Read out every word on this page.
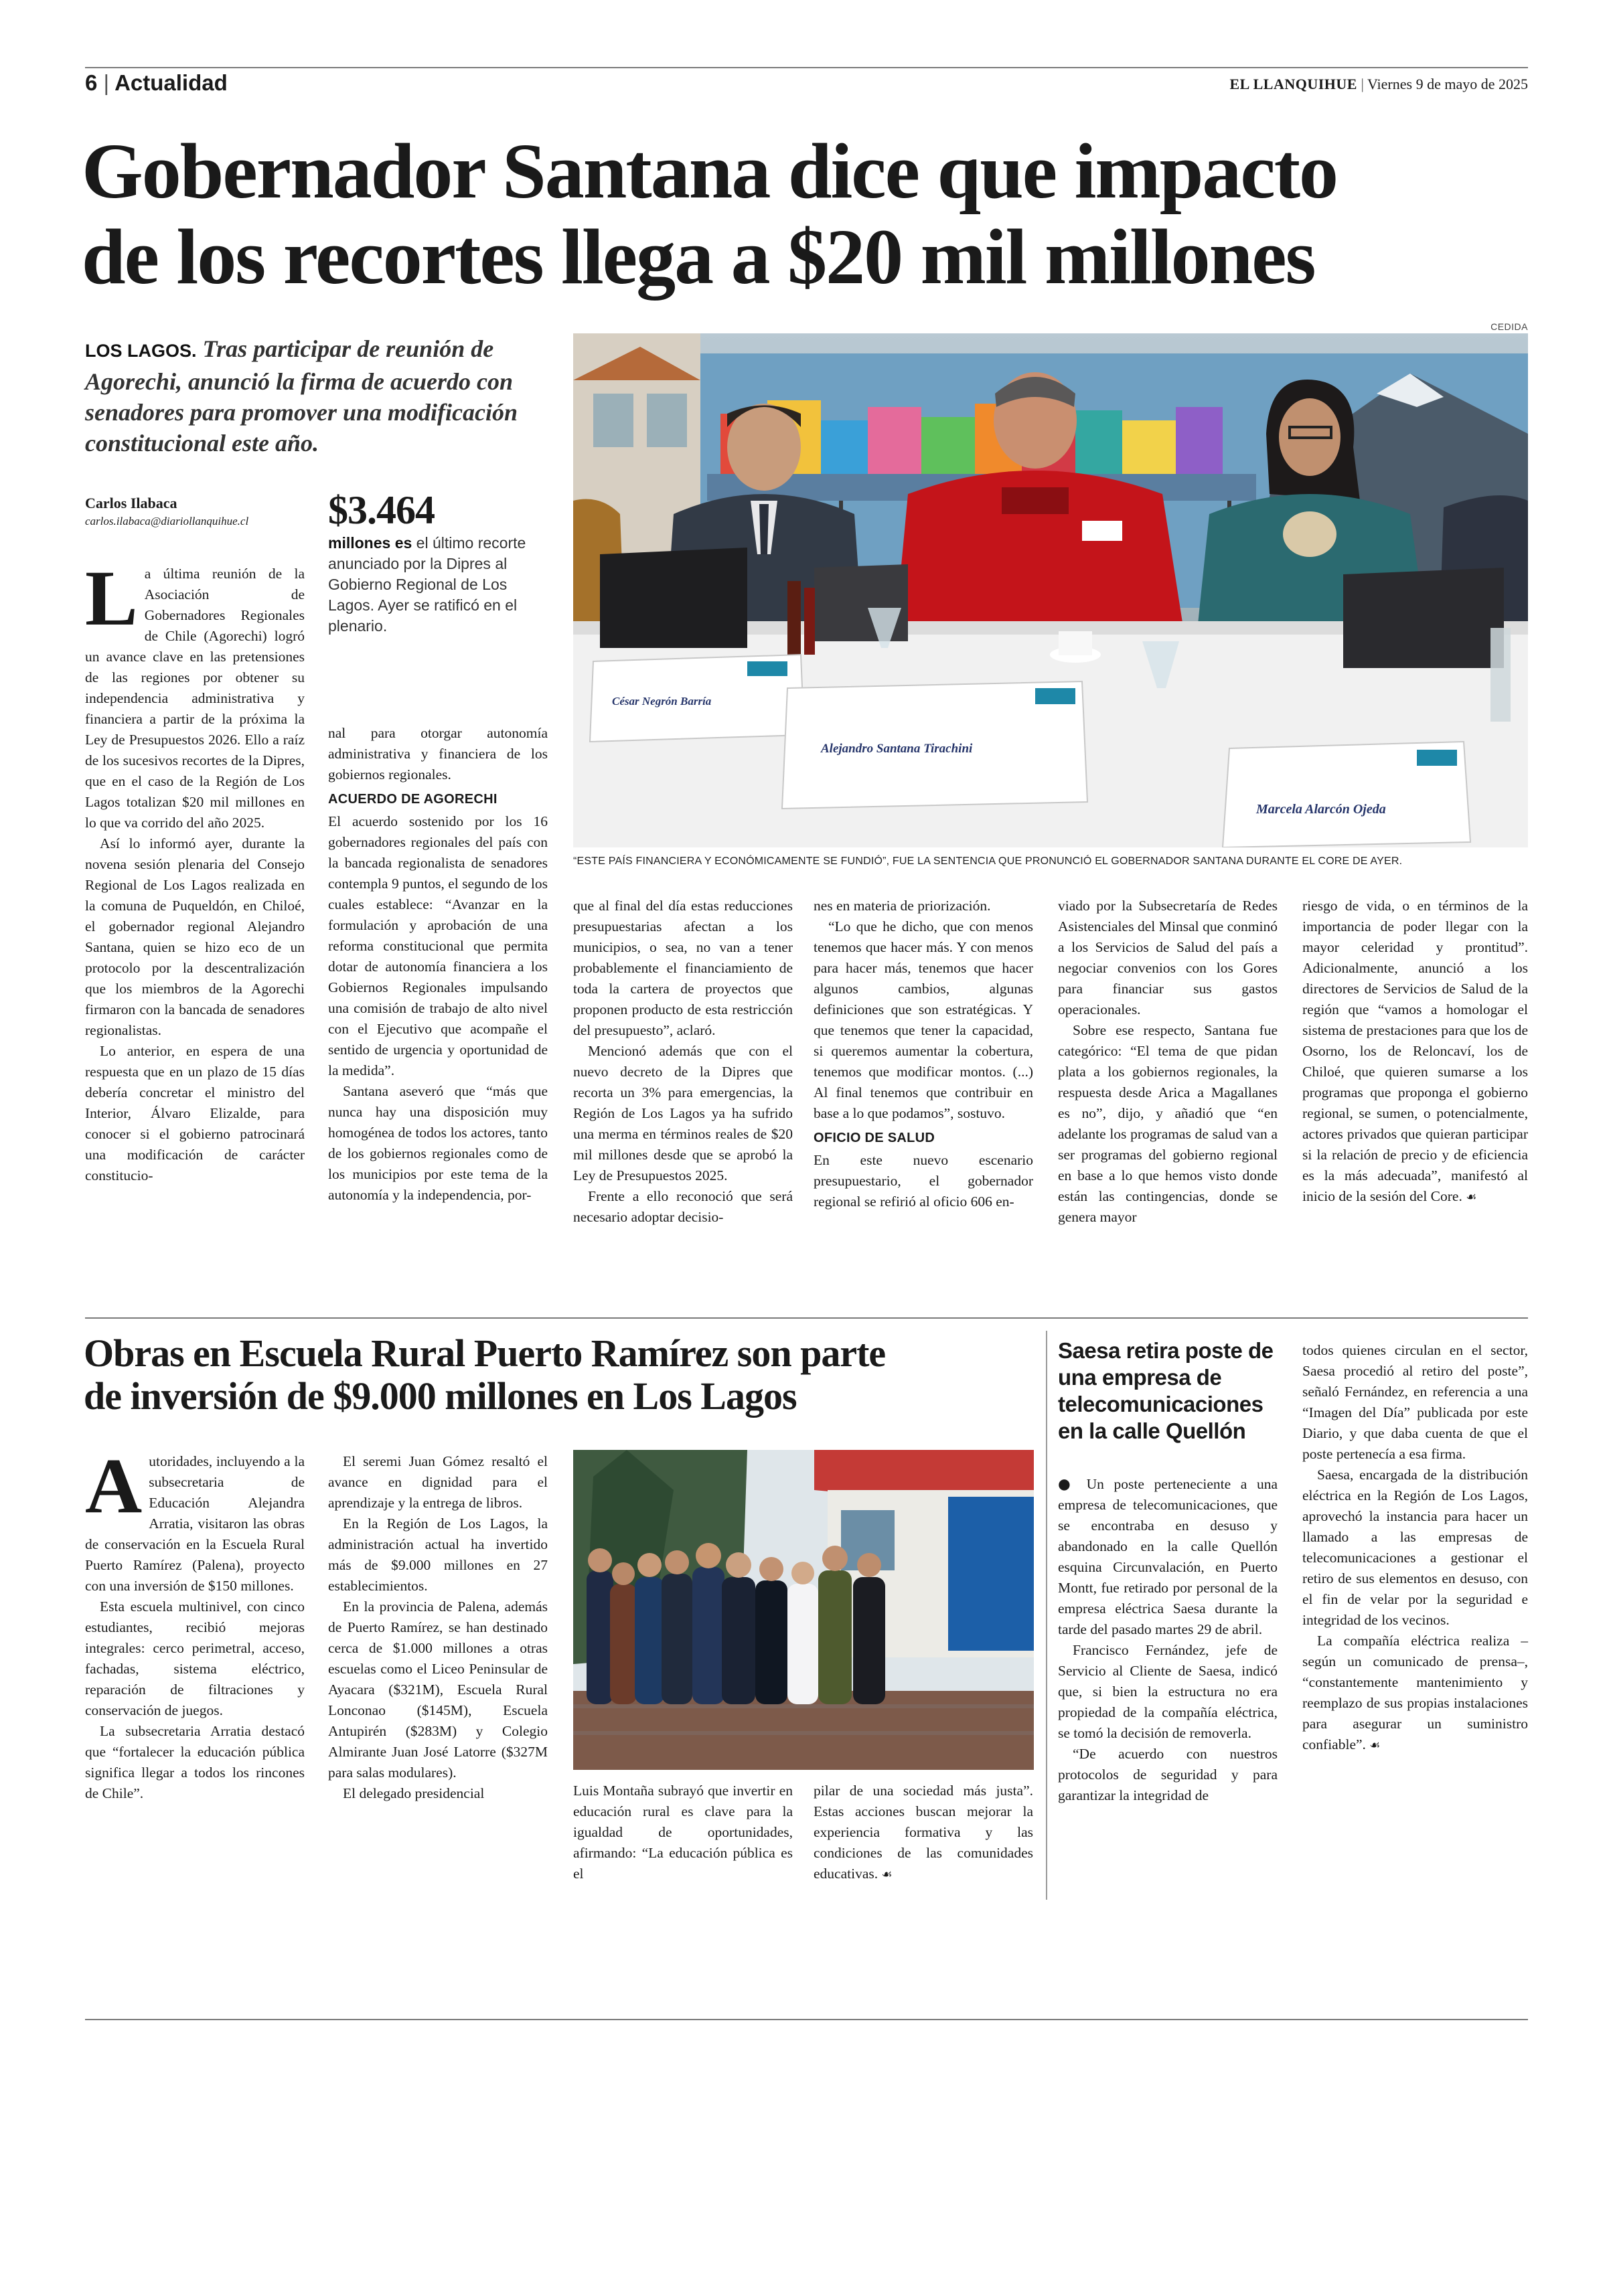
6 | Actualidad	EL LLANQUIHUE | Viernes 9 de mayo de 2025
Gobernador Santana dice que impacto
de los recortes llega a $20 mil millones
LOS LAGOS. Tras participar de reunión de Agorechi, anunció la firma de acuerdo con senadores para promover una modificación constitucional este año.
CEDIDA
César Negrón Barría
Alejandro Santana Tirachini
Marcela Alarcón Ojeda
“ESTE PAÍS FINANCIERA Y ECONÓMICAMENTE SE FUNDIÓ”, FUE LA SENTENCIA QUE PRONUNCIÓ EL GOBERNADOR SANTANA DURANTE EL CORE DE AYER.
Carlos Ilabaca
carlos.ilabaca@diariollanquihue.cl	$3.464
millones es el último recorte anunciado por la Dipres al Gobierno Regional de Los Lagos. Ayer se ratificó en el plenario.

La última reunión de la Asociación de Gobernadores Regionales de Chile (Agorechi) logró un avance clave en las pretensiones de las regiones por obtener su independencia administrativa y financiera a partir de la próxima la Ley de Presupuestos 2026. Ello a raíz de los sucesivos recortes de la Dipres, que en el caso de la Región de Los Lagos totalizan $20 mil millones en lo que va corrido del año 2025.

Así lo informó ayer, durante la novena sesión plenaria del Consejo Regional de Los Lagos realizada en la comuna de Puqueldón, en Chiloé, el gobernador regional Alejandro Santana, quien se hizo eco de un protocolo por la descentralización que los miembros de la Agorechi firmaron con la bancada de senadores regionalistas.

Lo anterior, en espera de una respuesta que en un plazo de 15 días debería concretar el ministro del Interior, Álvaro Elizalde, para conocer si el gobierno patrocinará una modificación de carácter constitucio-

nal para otorgar autonomía administrativa y financiera de los gobiernos regionales.

ACUERDO DE AGORECHI

El acuerdo sostenido por los 16 gobernadores regionales del país con la bancada regionalista de senadores contempla 9 puntos, el segundo de los cuales establece: “Avanzar en la formulación y aprobación de una reforma constitucional que permita dotar de autonomía financiera a los Gobiernos Regionales impulsando una comisión de trabajo de alto nivel con el Ejecutivo que acompañe el sentido de urgencia y oportunidad de la medida”.

Santana aseveró que “más que nunca hay una disposición muy homogénea de todos los actores, tanto de los gobiernos regionales como de los municipios por este tema de la autonomía y la independencia, por-

que al final del día estas reducciones presupuestarias afectan a los municipios, o sea, no van a tener probablemente el financiamiento de toda la cartera de proyectos que proponen producto de esta restricción del presupuesto”, aclaró.

Mencionó además que con el nuevo decreto de la Dipres que recorta un 3% para emergencias, la Región de Los Lagos ya ha sufrido una merma en términos reales de $20 mil millones desde que se aprobó la Ley de Presupuestos 2025.

Frente a ello reconoció que será necesario adoptar decisio-

nes en materia de priorización.

“Lo que he dicho, que con menos tenemos que hacer más. Y con menos para hacer más, tenemos que hacer algunos cambios, algunas definiciones que son estratégicas. Y que tenemos que tener la capacidad, si queremos aumentar la cobertura, tenemos que modificar montos. (...) Al final tenemos que contribuir en base a lo que podamos”, sostuvo.

OFICIO DE SALUD

En este nuevo escenario presupuestario, el gobernador regional se refirió al oficio 606 en-

viado por la Subsecretaría de Redes Asistenciales del Minsal que conminó a los Servicios de Salud del país a negociar convenios con los Gores para financiar sus gastos operacionales.

Sobre ese respecto, Santana fue categórico: “El tema de que pidan plata a los gobiernos regionales, la respuesta desde Arica a Magallanes es no”, dijo, y añadió que “en adelante los programas de salud van a ser programas del gobierno regional en base a lo que hemos visto donde están las contingencias, donde se genera mayor

riesgo de vida, o en términos de la importancia de poder llegar con la mayor celeridad y prontitud”. Adicionalmente, anunció a los directores de Servicios de Salud de la región que “vamos a homologar el sistema de prestaciones para que los de Osorno, los de Reloncaví, los de Chiloé, que quieren sumarse a los programas que proponga el gobierno regional, se sumen, o potencialmente, actores privados que quieran participar si la relación de precio y de eficiencia es la más adecuada”, manifestó al inicio de la sesión del Core. ☙

Obras en Escuela Rural Puerto Ramírez son parte
de inversión de $9.000 millones en Los Lagos

Autoridades, incluyendo a la subsecretaria de Educación Alejandra Arratia, visitaron las obras de conservación en la Escuela Rural Puerto Ramírez (Palena), proyecto con una inversión de $150 millones.

Esta escuela multinivel, con cinco estudiantes, recibió mejoras integrales: cerco perimetral, acceso, fachadas, sistema eléctrico, reparación de filtraciones y conservación de juegos.

La subsecretaria Arratia destacó que “fortalecer la educación pública significa llegar a todos los rincones de Chile”.

El seremi Juan Gómez resaltó el avance en dignidad para el aprendizaje y la entrega de libros.

En la Región de Los Lagos, la administración actual ha invertido más de $9.000 millones en 27 establecimientos.

En la provincia de Palena, además de Puerto Ramírez, se han destinado cerca de $1.000 millones a otras escuelas como el Liceo Peninsular de Ayacara ($321M), Escuela Rural Lonconao ($145M), Escuela Antupirén ($283M) y Colegio Almirante Juan José Latorre ($327M para salas modulares).

El delegado presidencial	Luis Montaña subrayó que invertir en educación rural es clave para la igualdad de oportunidades, afirmando: “La educación pública es el

pilar de una sociedad más justa”. Estas acciones buscan mejorar la experiencia formativa y las condiciones de las comunidades educativas. ☙

Saesa retira poste de una empresa de telecomunicaciones en la calle Quellón

● Un poste perteneciente a una empresa de telecomunicaciones, que se encontraba en desuso y abandonado en la calle Quellón esquina Circunvalación, en Puerto Montt, fue retirado por personal de la empresa eléctrica Saesa durante la tarde del pasado martes 29 de abril.

Francisco Fernández, jefe de Servicio al Cliente de Saesa, indicó que, si bien la estructura no era propiedad de la compañía eléctrica, se tomó la decisión de removerla.

“De acuerdo con nuestros protocolos de seguridad y para garantizar la integridad de

todos quienes circulan en el sector, Saesa procedió al retiro del poste”, señaló Fernández, en referencia a una “Imagen del Día” publicada por este Diario, y que daba cuenta de que el poste pertenecía a esa firma.

Saesa, encargada de la distribución eléctrica en la Región de Los Lagos, aprovechó la instancia para hacer un llamado a las empresas de telecomunicaciones a gestionar el retiro de sus elementos en desuso, con el fin de velar por la seguridad e integridad de los vecinos.

La compañía eléctrica realiza –según un comunicado de prensa–, “constantemente mantenimiento y reemplazo de sus propias instalaciones para asegurar un suministro confiable”. ☙
